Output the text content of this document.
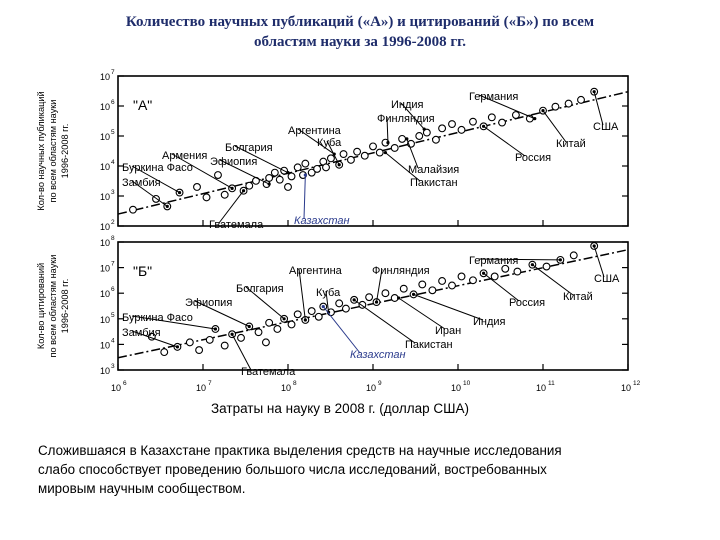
Количество научных публикаций («А») и цитирований («Б») по всем
областям науки за 1996-2008 гг.
10 2
10 3
10 4
10 5
10 6
10 7
Кол-во научных публикаций по всем областям науки 1996-2008 гг.
"А"	Индия
Германия
Финляндия
Аргентина
Куба
Болгария
Армения Эфиопия
Буркина Фасо
Замбия
Гватемала	Казахстан
Малайзия
Пакистан
Россия
Китай
США
10 3
10 4
10 5
10 6
10 7
10 8
Кол-во цитирований по всем областям науки 1996-2008 гг.
"Б"	Аргентина	Финляндия
Германия
Болгария	Куба
Эфиопия
Буркина Фасо
Замбия
Гватемала
Казахстан
Пакистан
Иран
Индия
Россия Китай
США
10 6	10 7	10 8	10 9	10 10	10 11	10 12
Затраты на науку в 2008 г. (доллар США)
Сложившаяся в Казахстане практика выделения средств на научные исследования
слабо способствует проведению большого числа исследований, востребованных
мировым научным сообществом.
